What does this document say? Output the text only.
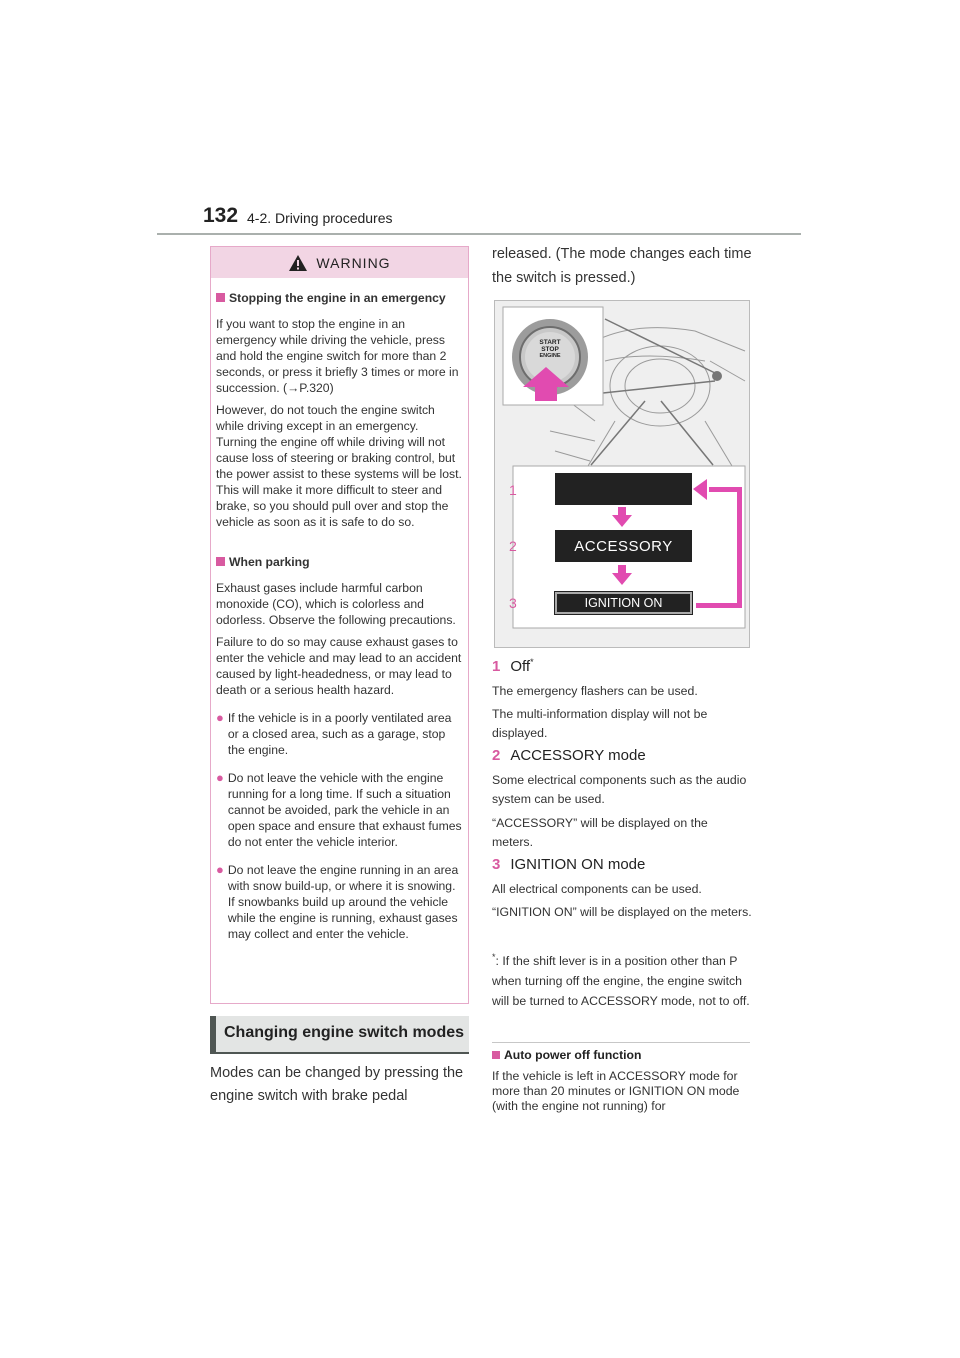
132 4-2. Driving procedures
WARNING
Stopping the engine in an emergency
If you want to stop the engine in an emergency while driving the vehicle, press and hold the engine switch for more than 2 seconds, or press it briefly 3 times or more in succession. (→P.320)
However, do not touch the engine switch while driving except in an emergency. Turning the engine off while driving will not cause loss of steering or braking control, but the power assist to these systems will be lost. This will make it more difficult to steer and brake, so you should pull over and stop the vehicle as soon as it is safe to do so.
When parking
Exhaust gases include harmful carbon monoxide (CO), which is colorless and odorless. Observe the following precautions.
Failure to do so may cause exhaust gases to enter the vehicle and may lead to an accident caused by light-headedness, or may lead to death or a serious health hazard.
● If the vehicle is in a poorly ventilated area or a closed area, such as a garage, stop the engine.
● Do not leave the vehicle with the engine running for a long time. If such a situation cannot be avoided, park the vehicle in an open space and ensure that exhaust fumes do not enter the vehicle interior.
● Do not leave the engine running in an area with snow build-up, or where it is snowing. If snowbanks build up around the vehicle while the engine is running, exhaust gases may collect and enter the vehicle.
Changing engine switch modes
Modes can be changed by pressing the engine switch with brake pedal
released. (The mode changes each time the switch is pressed.)
START
STOP
ENGINE
1
2
3
ACCESSORY
IGNITION ON
1 Off*
The emergency flashers can be used.
The multi-information display will not be displayed.
2 ACCESSORY mode
Some electrical components such as the audio system can be used.
“ACCESSORY” will be displayed on the meters.
3 IGNITION ON mode
All electrical components can be used.
“IGNITION ON” will be displayed on the meters.
*: If the shift lever is in a position other than P when turning off the engine, the engine switch will be turned to ACCESSORY mode, not to off.
Auto power off function
If the vehicle is left in ACCESSORY mode for more than 20 minutes or IGNITION ON mode (with the engine not running) for
